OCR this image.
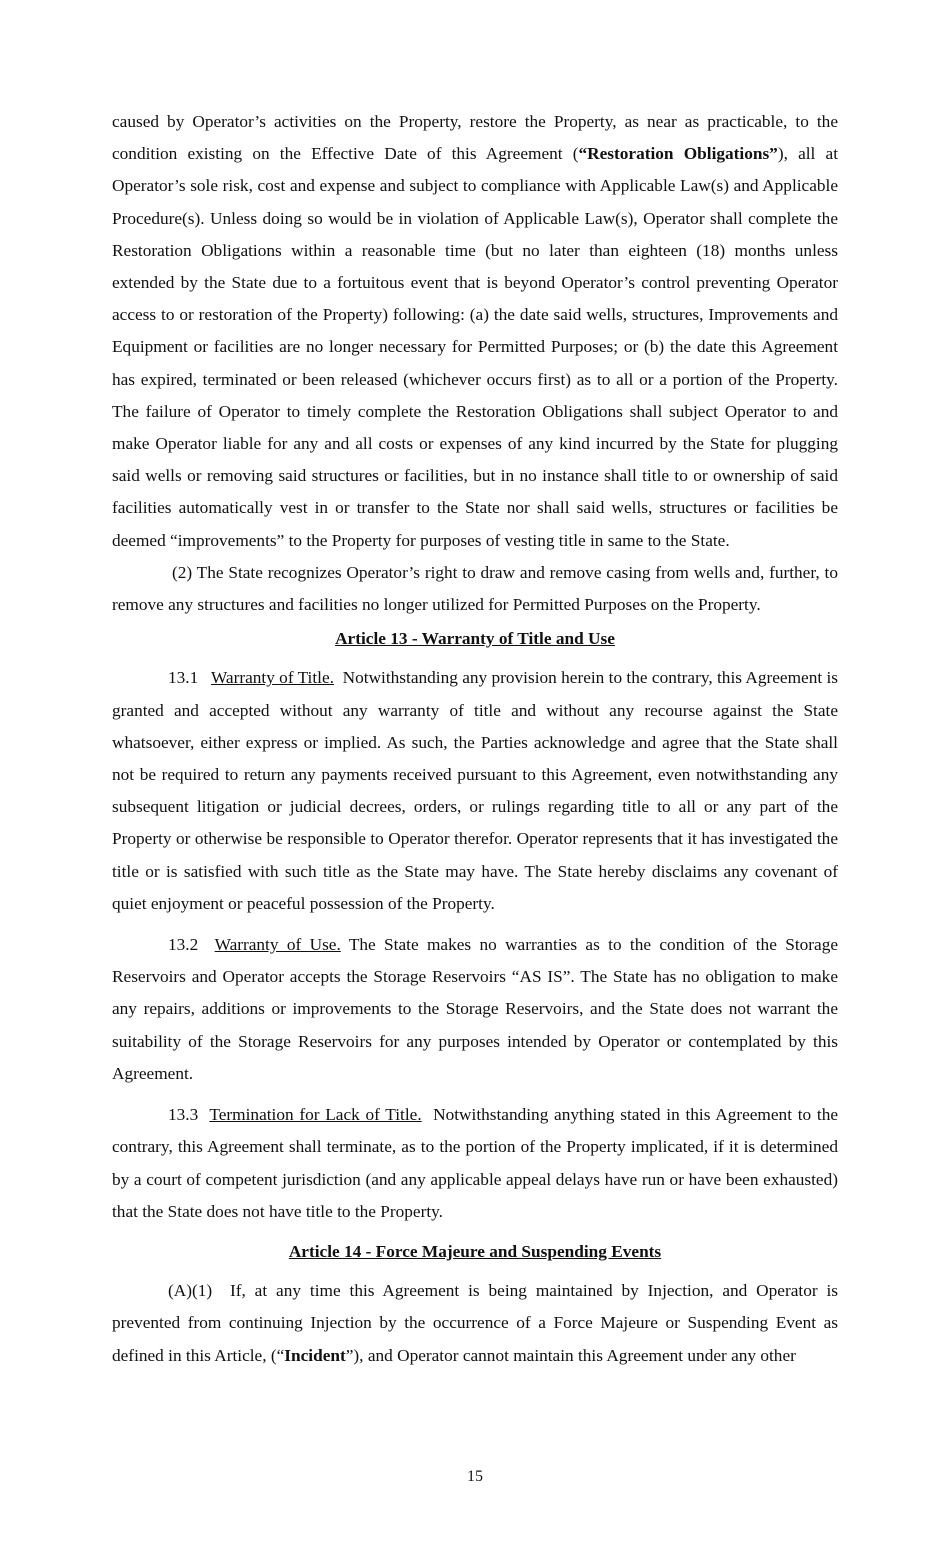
caused by Operator’s activities on the Property, restore the Property, as near as practicable, to the condition existing on the Effective Date of this Agreement (“Restoration Obligations”), all at Operator’s sole risk, cost and expense and subject to compliance with Applicable Law(s) and Applicable Procedure(s). Unless doing so would be in violation of Applicable Law(s), Operator shall complete the Restoration Obligations within a reasonable time (but no later than eighteen (18) months unless extended by the State due to a fortuitous event that is beyond Operator’s control preventing Operator access to or restoration of the Property) following: (a) the date said wells, structures, Improvements and Equipment or facilities are no longer necessary for Permitted Purposes; or (b) the date this Agreement has expired, terminated or been released (whichever occurs first) as to all or a portion of the Property. The failure of Operator to timely complete the Restoration Obligations shall subject Operator to and make Operator liable for any and all costs or expenses of any kind incurred by the State for plugging said wells or removing said structures or facilities, but in no instance shall title to or ownership of said facilities automatically vest in or transfer to the State nor shall said wells, structures or facilities be deemed “improvements” to the Property for purposes of vesting title in same to the State.

(2) The State recognizes Operator’s right to draw and remove casing from wells and, further, to remove any structures and facilities no longer utilized for Permitted Purposes on the Property.

Article 13 - Warranty of Title and Use

13.1 Warranty of Title. Notwithstanding any provision herein to the contrary, this Agreement is granted and accepted without any warranty of title and without any recourse against the State whatsoever, either express or implied. As such, the Parties acknowledge and agree that the State shall not be required to return any payments received pursuant to this Agreement, even notwithstanding any subsequent litigation or judicial decrees, orders, or rulings regarding title to all or any part of the Property or otherwise be responsible to Operator therefor. Operator represents that it has investigated the title or is satisfied with such title as the State may have. The State hereby disclaims any covenant of quiet enjoyment or peaceful possession of the Property.

13.2 Warranty of Use. The State makes no warranties as to the condition of the Storage Reservoirs and Operator accepts the Storage Reservoirs “AS IS”. The State has no obligation to make any repairs, additions or improvements to the Storage Reservoirs, and the State does not warrant the suitability of the Storage Reservoirs for any purposes intended by Operator or contemplated by this Agreement.

13.3 Termination for Lack of Title. Notwithstanding anything stated in this Agreement to the contrary, this Agreement shall terminate, as to the portion of the Property implicated, if it is determined by a court of competent jurisdiction (and any applicable appeal delays have run or have been exhausted) that the State does not have title to the Property.

Article 14 - Force Majeure and Suspending Events

(A)(1) If, at any time this Agreement is being maintained by Injection, and Operator is prevented from continuing Injection by the occurrence of a Force Majeure or Suspending Event as defined in this Article, (“Incident”), and Operator cannot maintain this Agreement under any other

15
